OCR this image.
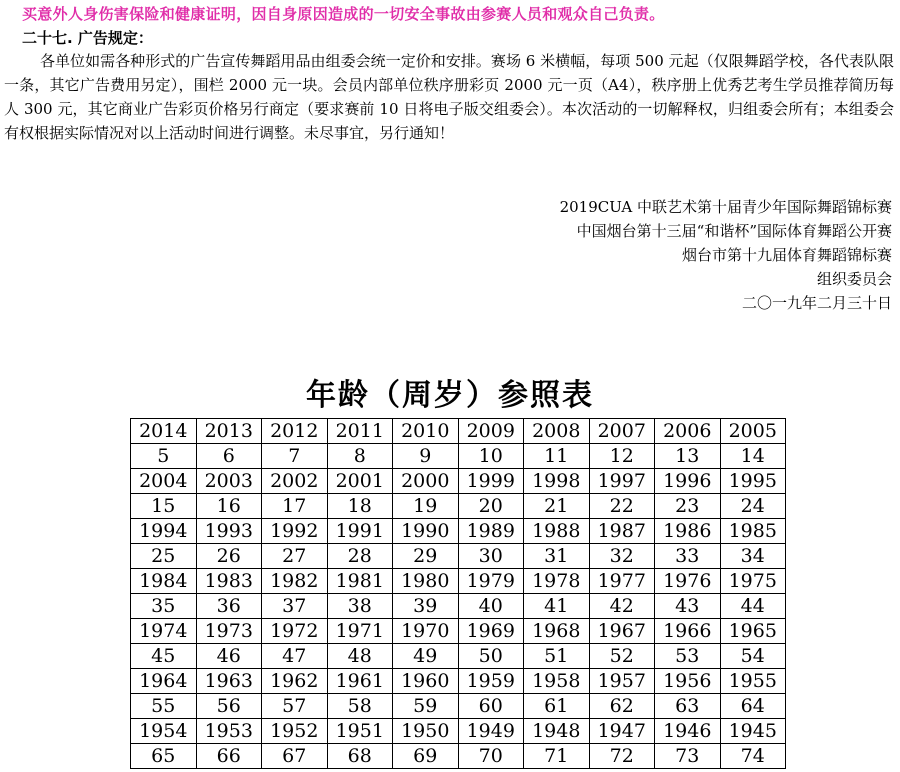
买意外人身伤害保险和健康证明，因自身原因造成的一切安全事故由参赛人员和观众自己负责。
二十七. 广告规定：

各单位如需各种形式的广告宣传舞蹈用品由组委会统一定价和安排。赛场 6 米横幅，每项 500 元起（仅限舞蹈学校，各代表队限一条，其它广告费用另定），围栏 2000 元一块。会员内部单位秩序册彩页 2000 元一页（A4），秩序册上优秀艺考生学员推荐简历每人 300 元，其它商业广告彩页价格另行商定（要求赛前 10 日将电子版交组委会）。本次活动的一切解释权，归组委会所有；本组委会有权根据实际情况对以上活动时间进行调整。未尽事宜，另行通知！

2019CUA 中联艺术第十届青少年国际舞蹈锦标赛
中国烟台第十三届“和谐杯”国际体育舞蹈公开赛
烟台市第十九届体育舞蹈锦标赛
组织委员会
二〇一九年二月三十日
年龄（周岁）参照表
2014	2013	2012	2011	2010	2009	2008	2007	2006	2005
5	6	7	8	9	10	11	12	13	14
2004	2003	2002	2001	2000	1999	1998	1997	1996	1995
15	16	17	18	19	20	21	22	23	24
1994	1993	1992	1991	1990	1989	1988	1987	1986	1985
25	26	27	28	29	30	31	32	33	34
1984	1983	1982	1981	1980	1979	1978	1977	1976	1975
35	36	37	38	39	40	41	42	43	44
1974	1973	1972	1971	1970	1969	1968	1967	1966	1965
45	46	47	48	49	50	51	52	53	54
1964	1963	1962	1961	1960	1959	1958	1957	1956	1955
55	56	57	58	59	60	61	62	63	64
1954	1953	1952	1951	1950	1949	1948	1947	1946	1945
65	66	67	68	69	70	71	72	73	74
